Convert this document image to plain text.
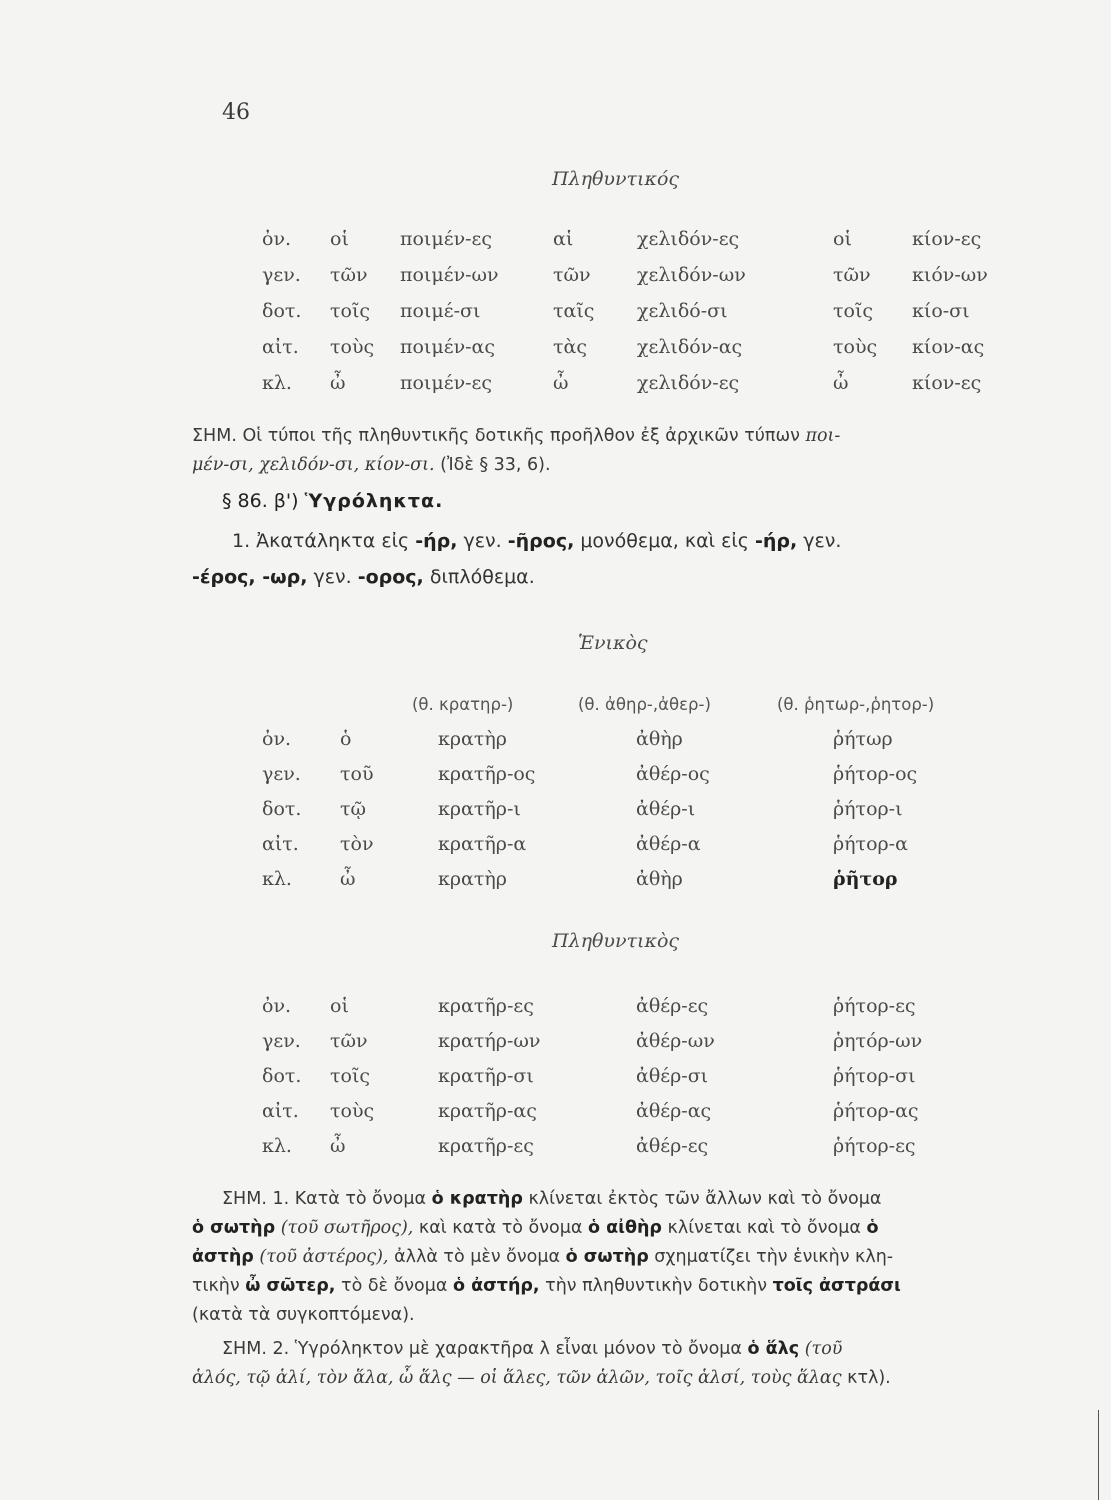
46
Πληθυντικός
ὀν. οἱ	ποιμέν-ες	αἱ	χελιδόν-ες	οἱ	κίον-ες
γεν. τῶν ποιμέν-ων	τῶν χελιδόν-ων	τῶν κιόν-ων
δοτ. τοῖς ποιμέ-σι	ταῖς χελιδό-σι	τοῖς κίο-σι
αἰτ. τοὺς ποιμέν-ας	τὰς	χελιδόν-ας	τοὺς κίον-ας
κλ. ὦ	ποιμέν-ες	ὦ	χελιδόν-ες	ὦ	κίον-ες
ΣΗΜ. Οἱ τύποι τῆς πληθυντικῆς δοτικῆς προῆλθον ἐξ ἀρχικῶν τύπων ποι-
μέν-σι, χελιδόν-σι, κίον-σι. (Ἰδὲ § 33, 6).
§ 86. β') Ὑγρόληκτα.
1. Ἀκατάληκτα εἰς -ήρ, γεν. -ῆρος, μονόθεμα, καὶ εἰς -ήρ, γεν.
-έρος, -ωρ, γεν. -ορος, διπλόθεμα.
Ἑνικὸς
(θ. κρατηρ-)	(θ. ἀθηρ-,ἀθερ-)	(θ. ῥητωρ-,ῥητορ-)
ὀν.	ὁ	κρατὴρ	ἀθὴρ	ῥήτωρ
γεν. τοῦ	κρατῆρ-ος	ἀθέρ-ος	ῥήτορ-ος
δοτ. τῷ	κρατῆρ-ι	ἀθέρ-ι	ῥήτορ-ι
αἰτ. τὸν	κρατῆρ-α	ἀθέρ-α	ῥήτορ-α
κλ.	ὦ	κρατὴρ	ἀθὴρ	ῥῆτορ
Πληθυντικὸς
ὀν. οἱ	κρατῆρ-ες	ἀθέρ-ες	ῥήτορ-ες
γεν. τῶν	κρατήρ-ων	ἀθέρ-ων	ῥητόρ-ων
δοτ. τοῖς	κρατῆρ-σι	ἀθέρ-σι	ῥήτορ-σι
αἰτ. τοὺς	κρατῆρ-ας	ἀθέρ-ας	ῥήτορ-ας
κλ. ὦ	κρατῆρ-ες	ἀθέρ-ες	ῥήτορ-ες
ΣΗΜ. 1. Κατὰ τὸ ὄνομα ὁ κρατὴρ κλίνεται ἐκτὸς τῶν ἄλλων καὶ τὸ ὄνομα
ὁ σωτὴρ (τοῦ σωτῆρος), καὶ κατὰ τὸ ὄνομα ὁ αἰθὴρ κλίνεται καὶ τὸ ὄνομα ὁ
ἀστὴρ (τοῦ ἀστέρος), ἀλλὰ τὸ μὲν ὄνομα ὁ σωτὴρ σχηματίζει τὴν ἑνικὴν κλη-
τικὴν ὦ σῶτερ, τὸ δὲ ὄνομα ὁ ἀστήρ, τὴν πληθυντικὴν δοτικὴν τοῖς ἀστράσι
(κατὰ τὰ συγκοπτόμενα).
ΣΗΜ. 2. Ὑγρόληκτον μὲ χαρακτῆρα λ εἶναι μόνον τὸ ὄνομα ὁ ἅλς (τοῦ
ἁλός, τῷ ἁλί, τὸν ἅλα, ὦ ἅλς — οἱ ἅλες, τῶν ἁλῶν, τοῖς ἁλσί, τοὺς ἅλας κτλ).
